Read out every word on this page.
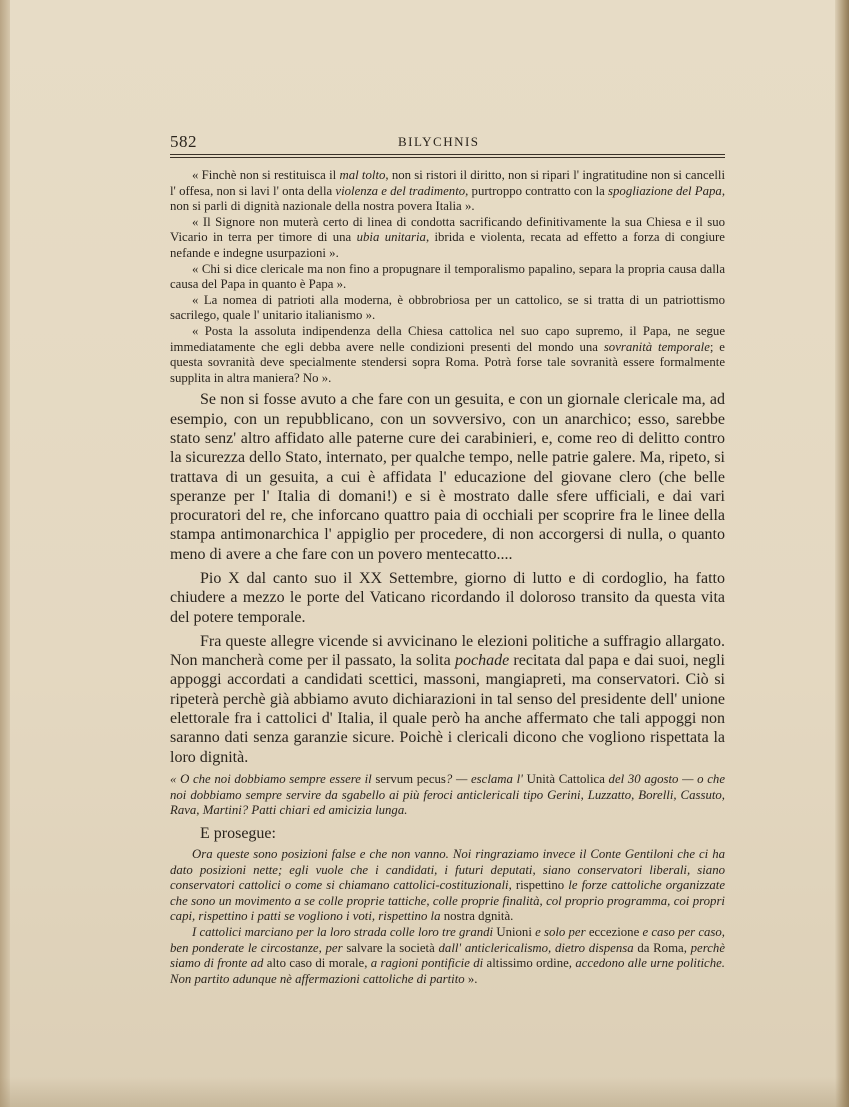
582	BILYCHNIS

« Finchè non si restituisca il mal tolto, non si ristori il diritto, non si ripari l' ingratitudine non si cancelli l' offesa, non si lavi l' onta della violenza e del tradimento, purtroppo contratto con la spogliazione del Papa, non si parli di dignità nazionale della nostra povera Italia ».

« Il Signore non muterà certo di linea di condotta sacrificando definitivamente la sua Chiesa e il suo Vicario in terra per timore di una ubia unitaria, ibrida e violenta, recata ad effetto a forza di congiure nefande e indegne usurpazioni ».

« Chi si dice clericale ma non fino a propugnare il temporalismo papalino, separa la propria causa dalla causa del Papa in quanto è Papa ».

« La nomea di patrioti alla moderna, è obbrobriosa per un cattolico, se si tratta di un patriottismo sacrilego, quale l' unitario italianismo ».

« Posta la assoluta indipendenza della Chiesa cattolica nel suo capo supremo, il Papa, ne segue immediatamente che egli debba avere nelle condizioni presenti del mondo una sovranità temporale; e questa sovranità deve specialmente stendersi sopra Roma. Potrà forse tale sovranità essere formalmente supplita in altra maniera? No ».

Se non si fosse avuto a che fare con un gesuita, e con un giornale clericale ma, ad esempio, con un repubblicano, con un sovversivo, con un anarchico; esso, sarebbe stato senz' altro affidato alle paterne cure dei carabinieri, e, come reo di delitto contro la sicurezza dello Stato, internato, per qualche tempo, nelle patrie galere. Ma, ripeto, si trattava di un gesuita, a cui è affidata l' educazione del giovane clero (che belle speranze per l' Italia di domani!) e si è mostrato dalle sfere ufficiali, e dai vari procuratori del re, che inforcano quattro paia di occhiali per scoprire fra le linee della stampa antimonarchica l' appiglio per procedere, di non accorgersi di nulla, o quanto meno di avere a che fare con un povero mentecatto....

Pio X dal canto suo il XX Settembre, giorno di lutto e di cordoglio, ha fatto chiudere a mezzo le porte del Vaticano ricordando il doloroso transito da questa vita del potere temporale.

Fra queste allegre vicende si avvicinano le elezioni politiche a suffragio allargato. Non mancherà come per il passato, la solita pochade recitata dal papa e dai suoi, negli appoggi accordati a candidati scettici, massoni, mangiapreti, ma conservatori. Ciò si ripeterà perchè già abbiamo avuto dichiarazioni in tal senso del presidente dell' unione elettorale fra i cattolici d' Italia, il quale però ha anche affermato che tali appoggi non saranno dati senza garanzie sicure. Poichè i clericali dicono che vogliono rispettata la loro dignità.

« O che noi dobbiamo sempre essere il servum pecus? — esclama l' Unità Cattolica del 30 agosto — o che noi dobbiamo sempre servire da sgabello ai più feroci anticlericali tipo Gerini, Luzzatto, Borelli, Cassuto, Rava, Martini? Patti chiari ed amicizia lunga.

E prosegue:

Ora queste sono posizioni false e che non vanno. Noi ringraziamo invece il Conte Gentiloni che ci ha dato posizioni nette; egli vuole che i candidati, i futuri deputati, siano conservatori liberali, siano conservatori cattolici o come si chiamano cattolici-costituzionali, rispettino le forze cattoliche organizzate che sono un movimento a se colle proprie tattiche, colle proprie finalità, col proprio programma, coi propri capi, rispettino i patti se vogliono i voti, rispettino la nostra dgnità.

I cattolici marciano per la loro strada colle loro tre grandi Unioni e solo per eccezione e caso per caso, ben ponderate le circostanze, per salvare la società dall' anticlericalismo, dietro dispensa da Roma, perchè siamo di fronte ad alto caso di morale, a ragioni pontificie di altissimo ordine, accedono alle urne politiche. Non partito adunque nè affermazioni cattoliche di partito ».
